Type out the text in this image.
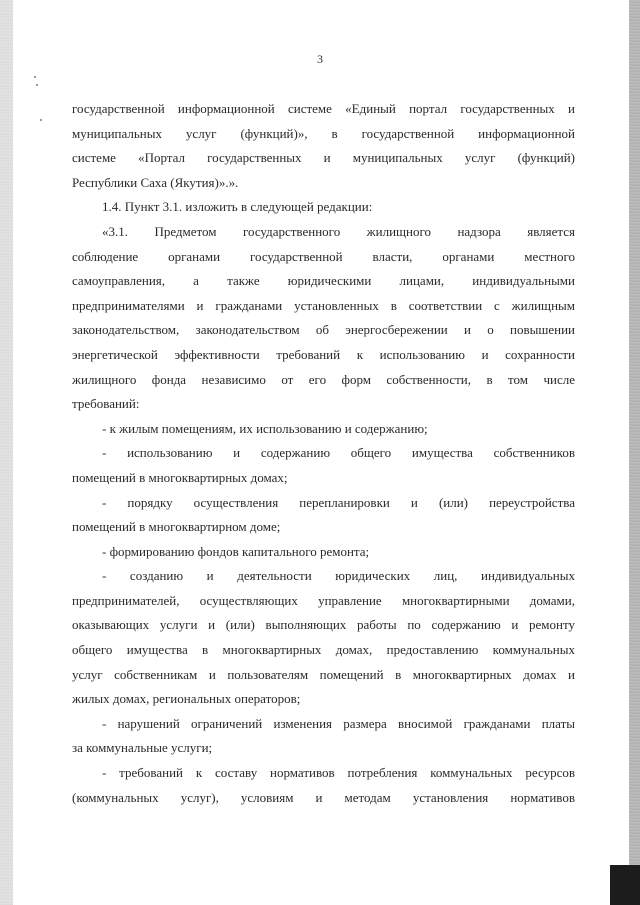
3
государственной информационной системе «Единый портал государственных и
муниципальных услуг (функций)», в государственной информационной
системе «Портал государственных и муниципальных услуг (функций)
Республики Саха (Якутия)».».
1.4. Пункт 3.1. изложить в следующей редакции:
«3.1. Предметом государственного жилищного надзора является
соблюдение органами государственной власти, органами местного
самоуправления, а также юридическими лицами, индивидуальными
предпринимателями и гражданами установленных в соответствии с жилищным
законодательством, законодательством об энергосбережении и о повышении
энергетической эффективности требований к использованию и сохранности
жилищного фонда независимо от его форм собственности, в том числе
требований:
- к жилым помещениям, их использованию и содержанию;
- использованию и содержанию общего имущества собственников
помещений в многоквартирных домах;
- порядку осуществления перепланировки и (или) переустройства
помещений в многоквартирном доме;
- формированию фондов капитального ремонта;
- созданию и деятельности юридических лиц, индивидуальных
предпринимателей, осуществляющих управление многоквартирными домами,
оказывающих услуги и (или) выполняющих работы по содержанию и ремонту
общего имущества в многоквартирных домах, предоставлению коммунальных
услуг собственникам и пользователям помещений в многоквартирных домах и
жилых домах, региональных операторов;
- нарушений ограничений изменения размера вносимой гражданами платы
за коммунальные услуги;
- требований к составу нормативов потребления коммунальных ресурсов
(коммунальных услуг), условиям и методам установления нормативов
